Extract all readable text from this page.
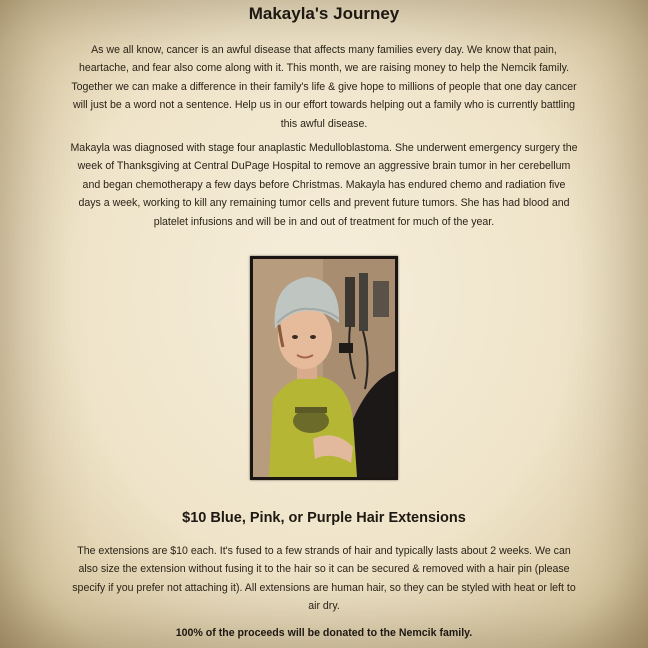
Makayla's Journey
As we all know, cancer is an awful disease that affects many families every day. We know that pain, heartache, and fear also come along with it. This month, we are raising money to help the Nemcik family. Together we can make a difference in their family's life & give hope to millions of people that one day cancer will just be a word not a sentence. Help us in our effort towards helping out a family who is currently battling this awful disease.
Makayla was diagnosed with stage four anaplastic Medulloblastoma. She underwent emergency surgery the week of Thanksgiving at Central DuPage Hospital to remove an aggressive brain tumor in her cerebellum and began chemotherapy a few days before Christmas. Makayla has endured chemo and radiation five days a week, working to kill any remaining tumor cells and prevent future tumors. She has had blood and platelet infusions and will be in and out of treatment for much of the year.
$10 Blue, Pink, or Purple Hair Extensions
The extensions are $10 each. It's fused to a few strands of hair and typically lasts about 2 weeks. We can also size the extension without fusing it to the hair so it can be secured & removed with a hair pin (please specify if you prefer not attaching it). All extensions are human hair, so they can be styled with heat or left to air dry.
100% of the proceeds will be donated to the Nemcik family.
